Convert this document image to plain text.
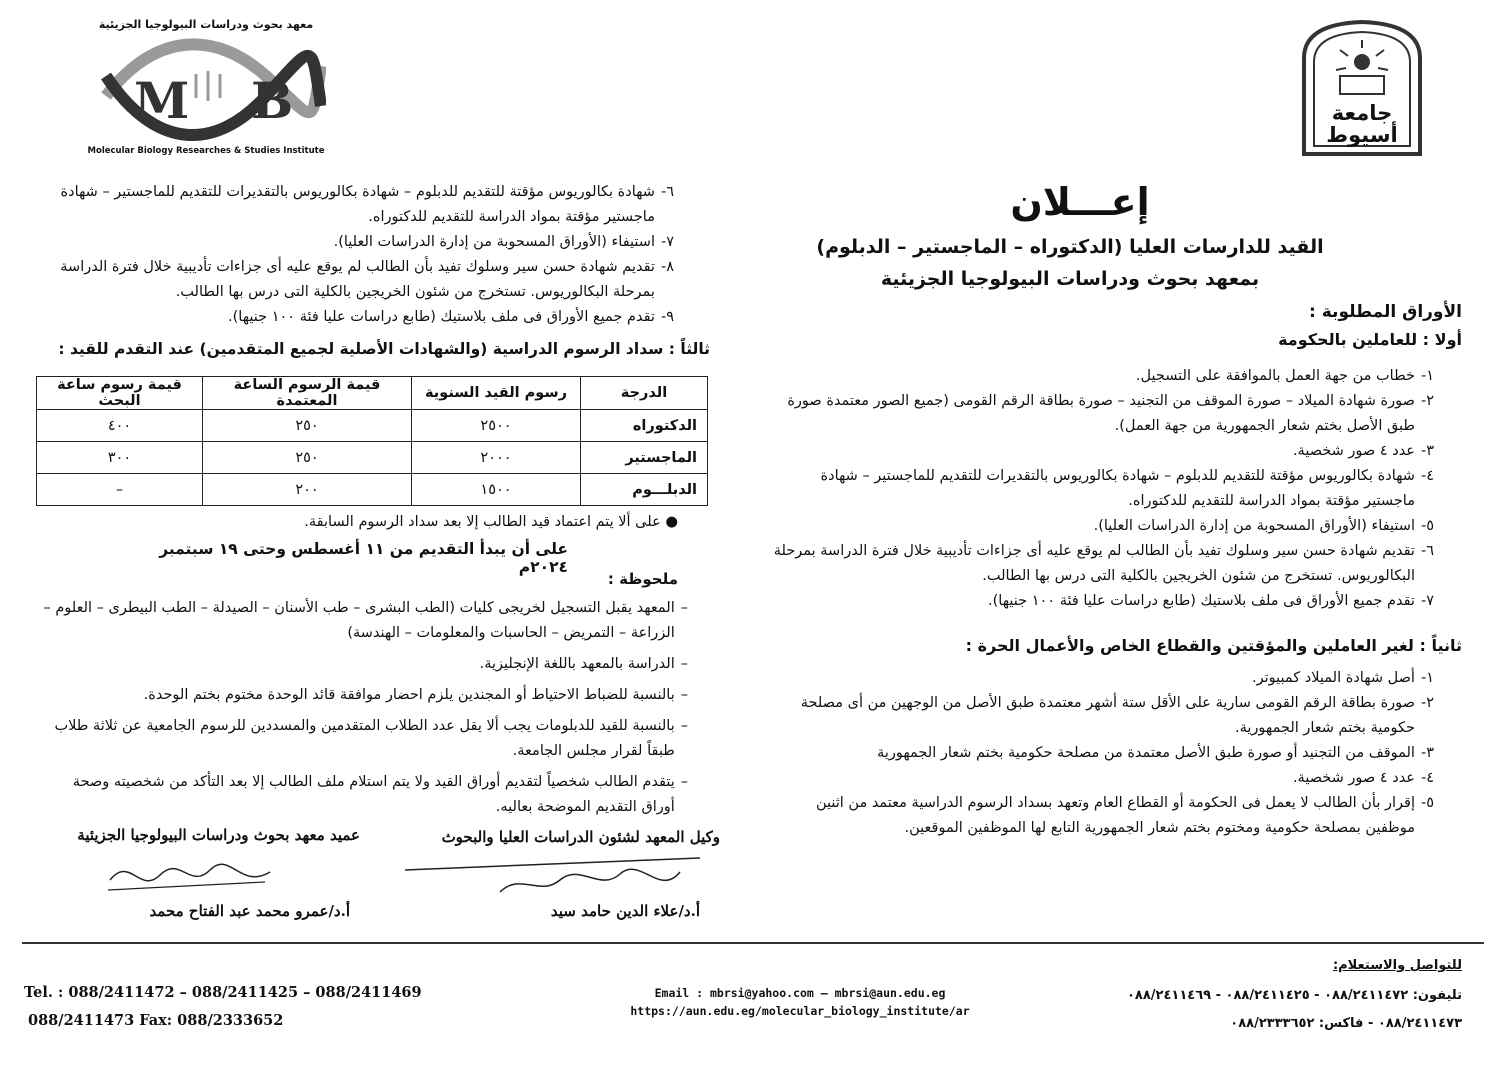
معهد بحوث ودراسات البيولوجيا الجزيئية
M B
Molecular Biology Researches & Studies Institute
جامعة أسيوط
إعـــلان
القيد للدارسات العليا (الدكتوراه – الماجستير – الدبلوم)
بمعهد بحوث ودراسات البيولوجيا الجزيئية
الأوراق المطلوبة :
أولا : للعاملين بالحكومة
١-
خطاب من جهة العمل بالموافقة على التسجيل.
٢-
صورة شهادة الميلاد – صورة الموقف من التجنيد – صورة بطاقة الرقم القومى (جميع الصور معتمدة صورة طبق الأصل بختم شعار الجمهورية من جهة العمل).
٣-
عدد ٤ صور شخصية.
٤-
شهادة بكالوريوس مؤقتة للتقديم للدبلوم – شهادة بكالوريوس بالتقديرات للتقديم للماجستير – شهادة ماجستير مؤقتة بمواد الدراسة للتقديم للدكتوراه.
٥-
استيفاء (الأوراق المسحوبة من إدارة الدراسات العليا).
٦-
تقديم شهادة حسن سير وسلوك تفيد بأن الطالب لم يوقع عليه أى جزاءات تأديبية خلال فترة الدراسة بمرحلة البكالوريوس. تستخرج من شئون الخريجين بالكلية التى درس بها الطالب.
٧-
تقدم جميع الأوراق فى ملف بلاستيك (طابع دراسات عليا فئة ١٠٠ جنيها).
ثانياً : لغير العاملين والمؤقتين والقطاع الخاص والأعمال الحرة :
١-
أصل شهادة الميلاد كمبيوتر.
٢-
صورة بطاقة الرقم القومى سارية على الأقل ستة أشهر معتمدة طبق الأصل من الوجهين من أى مصلحة حكومية بختم شعار الجمهورية.
٣-
الموقف من التجنيد أو صورة طبق الأصل معتمدة من مصلحة حكومية بختم شعار الجمهورية
٤-
عدد ٤ صور شخصية.
٥-
إقرار بأن الطالب لا يعمل فى الحكومة أو القطاع العام وتعهد بسداد الرسوم الدراسية معتمد من اثنين موظفين بمصلحة حكومية ومختوم بختم شعار الجمهورية التابع لها الموظفين الموقعين.
٦-
شهادة بكالوريوس مؤقتة للتقديم للدبلوم – شهادة بكالوريوس بالتقديرات للتقديم للماجستير – شهادة ماجستير مؤقتة بمواد الدراسة للتقديم للدكتوراه.
٧-
استيفاء (الأوراق المسحوبة من إدارة الدراسات العليا).
٨-
تقديم شهادة حسن سير وسلوك تفيد بأن الطالب لم يوقع عليه أى جزاءات تأديبية خلال فترة الدراسة بمرحلة البكالوريوس. تستخرج من شئون الخريجين بالكلية التى درس بها الطالب.
٩-
تقدم جميع الأوراق فى ملف بلاستيك (طابع دراسات عليا فئة ١٠٠ جنيها).
ثالثاً : سداد الرسوم الدراسية (والشهادات الأصلية لجميع المتقدمين) عند التقدم للقيد :
الدرجة	رسوم القيد السنوية	قيمة الرسوم الساعة المعتمدة	قيمة رسوم ساعة البحث
الدكتوراه	٢٥٠٠	٢٥٠	٤٠٠
الماجستير	٢٠٠٠	٢٥٠	٣٠٠
الدبلـــوم	١٥٠٠	٢٠٠	–
● على ألا يتم اعتماد قيد الطالب إلا بعد سداد الرسوم السابقة.
على أن يبدأ التقديم من ١١ أغسطس وحتى ١٩ سبتمبر ٢٠٢٤م
ملحوظة :
–
المعهد يقبل التسجيل لخريجى كليات (الطب البشرى – طب الأسنان – الصيدلة – الطب البيطرى – العلوم – الزراعة – التمريض – الحاسبات والمعلومات – الهندسة)
–
الدراسة بالمعهد باللغة الإنجليزية.
–
بالنسبة للضباط الاحتياط أو المجندين يلزم احضار موافقة قائد الوحدة مختوم بختم الوحدة.
–
بالنسبة للقيد للدبلومات يجب ألا يقل عدد الطلاب المتقدمين والمسددين للرسوم الجامعية عن ثلاثة طلاب طبقاً لقرار مجلس الجامعة.
–
يتقدم الطالب شخصياً لتقديم أوراق القيد ولا يتم استلام ملف الطالب إلا بعد التأكد من شخصيته وصحة أوراق التقديم الموضحة بعاليه.
وكيل المعهد لشئون الدراسات العليا والبحوث
أ.د/علاء الدين حامد سيد
عميد معهد بحوث ودراسات البيولوجيا الجزيئية
أ.د/عمرو محمد عبد الفتاح محمد
للتواصل والاستعلام:
تليفون: ٠٨٨/٢٤١١٤٧٢ - ٠٨٨/٢٤١١٤٢٥ - ٠٨٨/٢٤١١٤٦٩
٠٨٨/٢٤١١٤٧٣ - فاكس: ٠٨٨/٢٣٣٣٦٥٢
Email : mbrsi@yahoo.com – mbrsi@aun.edu.eg
https://aun.edu.eg/molecular_biology_institute/ar
Tel. : 088/2411472 – 088/2411425 – 088/2411469
088/2411473 Fax: 088/2333652
